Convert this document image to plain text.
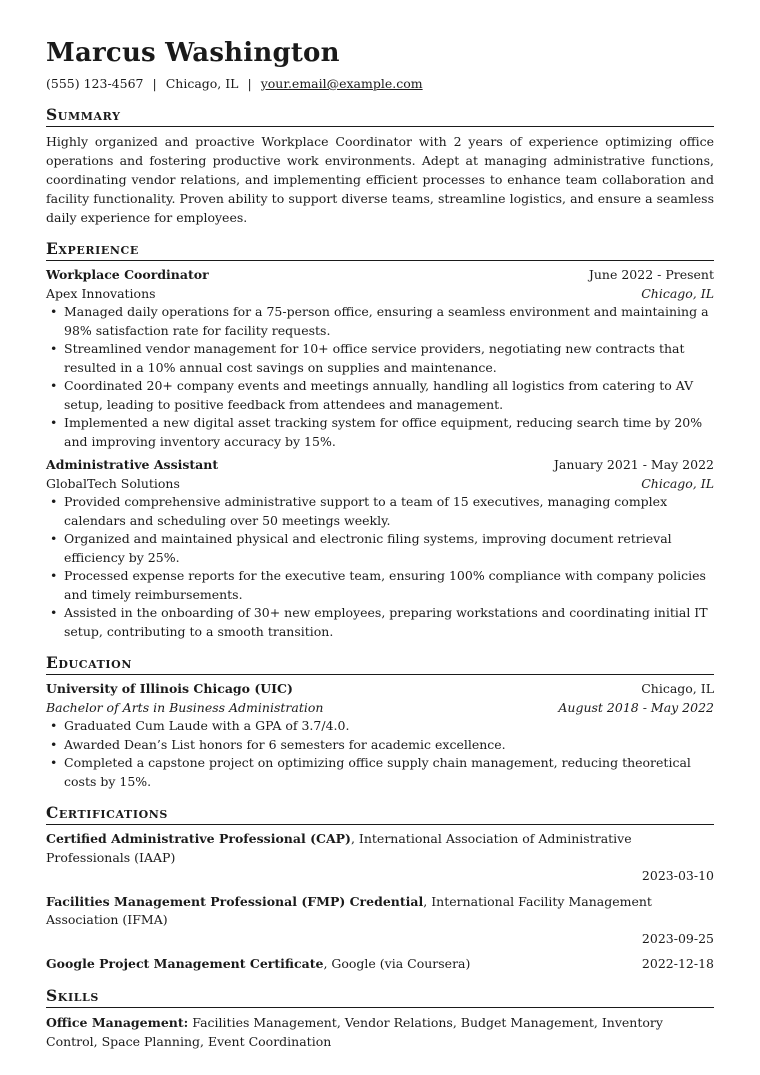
Marcus Washington
(555) 123-4567 | Chicago, IL | your.email@example.com
Summary

Highly organized and proactive Workplace Coordinator with 2 years of experience optimizing office operations and fostering productive work environments. Adept at managing administrative functions, coordinating vendor relations, and implementing efficient processes to enhance team collaboration and facility functionality. Proven ability to support diverse teams, streamline logistics, and ensure a seamless daily experience for employees.

Experience
Workplace Coordinator	June 2022 - Present
Apex Innovations	Chicago, IL
• Managed daily operations for a 75-person office, ensuring a seamless environment and maintaining a 98% satisfaction rate for facility requests.
• Streamlined vendor management for 10+ office service providers, negotiating new contracts that resulted in a 10% annual cost savings on supplies and maintenance.
• Coordinated 20+ company events and meetings annually, handling all logistics from catering to AV setup, leading to positive feedback from attendees and management.
• Implemented a new digital asset tracking system for office equipment, reducing search time by 20% and improving inventory accuracy by 15%.
Administrative Assistant	January 2021 - May 2022
GlobalTech Solutions	Chicago, IL
• Provided comprehensive administrative support to a team of 15 executives, managing complex calendars and scheduling over 50 meetings weekly.
• Organized and maintained physical and electronic filing systems, improving document retrieval efficiency by 25%.
• Processed expense reports for the executive team, ensuring 100% compliance with company policies and timely reimbursements.
• Assisted in the onboarding of 30+ new employees, preparing workstations and coordinating initial IT setup, contributing to a smooth transition.
Education
University of Illinois Chicago (UIC)	Chicago, IL
Bachelor of Arts in Business Administration	August 2018 - May 2022
• Graduated Cum Laude with a GPA of 3.7/4.0.
• Awarded Dean’s List honors for 6 semesters for academic excellence.
• Completed a capstone project on optimizing office supply chain management, reducing theoretical costs by 15%.
Certifications
Certified Administrative Professional (CAP), International Association of Administrative Professionals (IAAP)
2023-03-10
Facilities Management Professional (FMP) Credential, International Facility Management Association (IFMA)
2023-09-25
Google Project Management Certificate, Google (via Coursera)	2022-12-18
Skills

Office Management: Facilities Management, Vendor Relations, Budget Management, Inventory Control, Space Planning, Event Coordination
